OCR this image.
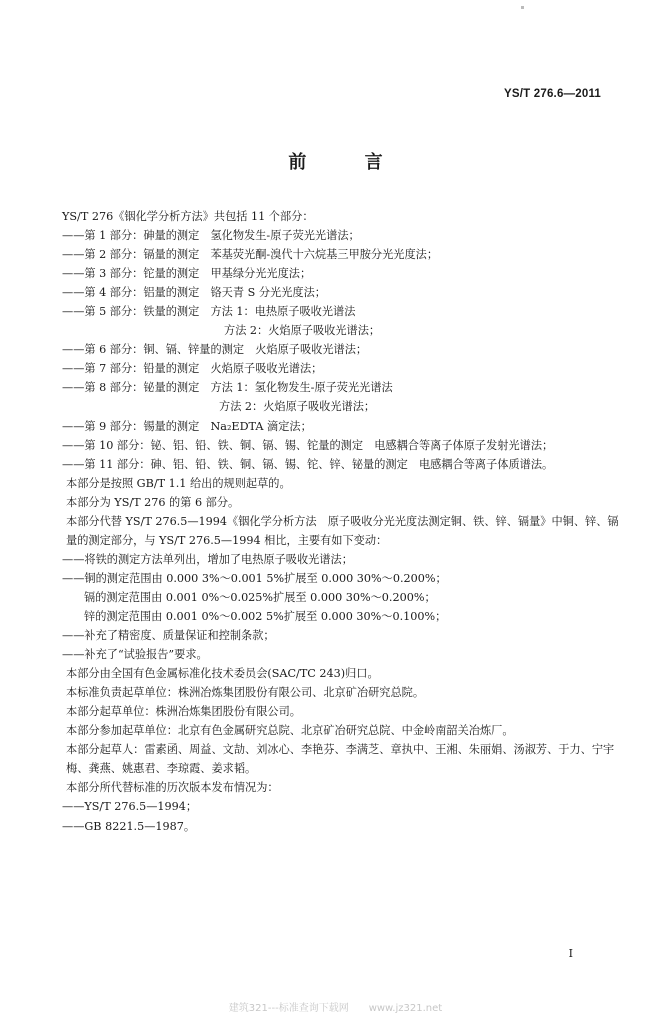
YS/T 276.6—2011
前 言
YS/T 276《铟化学分析方法》共包括 11 个部分：
——第 1 部分：砷量的测定　氢化物发生-原子荧光光谱法；
——第 2 部分：镉量的测定　苯基荧光酮-溴代十六烷基三甲胺分光光度法；
——第 3 部分：铊量的测定　甲基绿分光光度法；
——第 4 部分：铝量的测定　铬天青 S 分光光度法；
——第 5 部分：铁量的测定　方法 1：电热原子吸收光谱法
方法 2：火焰原子吸收光谱法；
——第 6 部分：铜、镉、锌量的测定　火焰原子吸收光谱法；
——第 7 部分：铅量的测定　火焰原子吸收光谱法；
——第 8 部分：铋量的测定　方法 1：氢化物发生-原子荧光光谱法
方法 2：火焰原子吸收光谱法；
——第 9 部分：锡量的测定　Na₂EDTA 滴定法；
——第 10 部分：铋、铝、铅、铁、铜、镉、锡、铊量的测定　电感耦合等离子体原子发射光谱法；
——第 11 部分：砷、铝、铅、铁、铜、镉、锡、铊、锌、铋量的测定　电感耦合等离子体质谱法。
本部分是按照 GB/T 1.1 给出的规则起草的。
本部分为 YS/T 276 的第 6 部分。
本部分代替 YS/T 276.5—1994《铟化学分析方法　原子吸收分光光度法测定铜、铁、锌、镉量》中铜、锌、镉量的测定部分，与 YS/T 276.5—1994 相比，主要有如下变动：
——将铁的测定方法单列出，增加了电热原子吸收光谱法；
——铜的测定范围由 0.000 3%～0.001 5%扩展至 0.000 30%～0.200%；
镉的测定范围由 0.001 0%～0.025%扩展至 0.000 30%～0.200%；
锌的测定范围由 0.001 0%～0.002 5%扩展至 0.000 30%～0.100%；
——补充了精密度、质量保证和控制条款；
——补充了“试验报告”要求。
本部分由全国有色金属标准化技术委员会(SAC/TC 243)归口。
本标准负责起草单位：株洲冶炼集团股份有限公司、北京矿冶研究总院。
本部分起草单位：株洲冶炼集团股份有限公司。
本部分参加起草单位：北京有色金属研究总院、北京矿冶研究总院、中金岭南韶关冶炼厂。
本部分起草人：雷素函、周益、文劼、刘冰心、李艳芬、李满芝、章执中、王湘、朱丽娟、汤淑芳、于力、宁宇梅、龚燕、姚惠君、李琼霞、姜求韬。
本部分所代替标准的历次版本发布情况为：
——YS/T 276.5—1994；
——GB 8221.5—1987。
I
建筑321---标准查询下载网　　www.jz321.net
